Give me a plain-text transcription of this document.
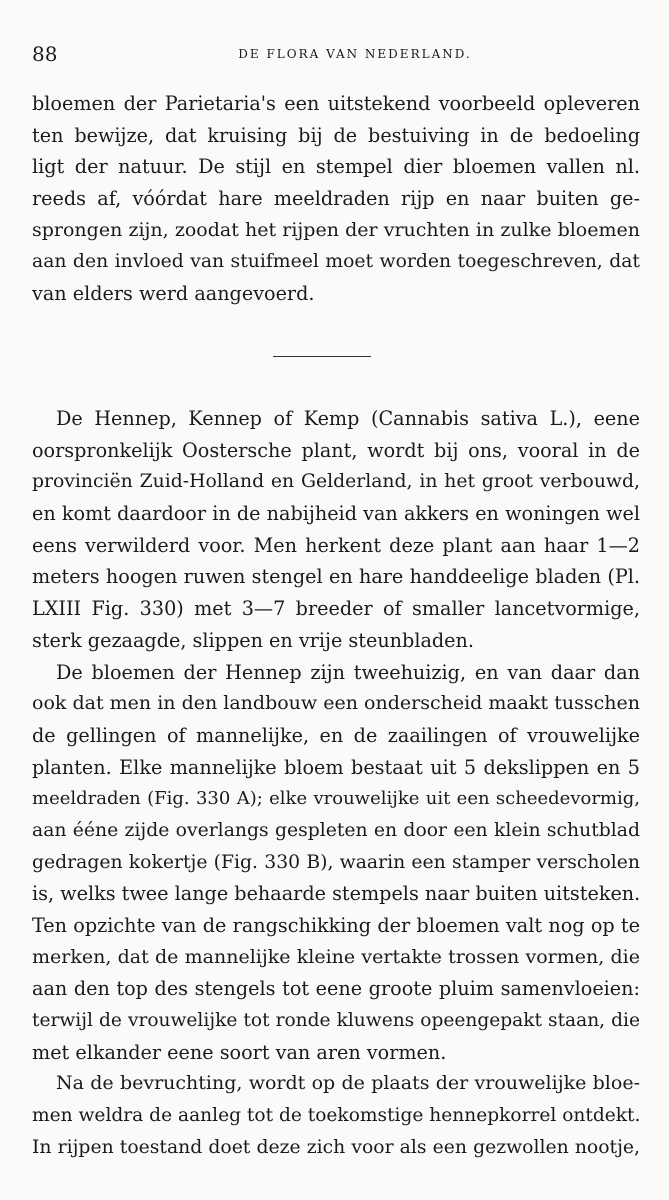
88	DE FLORA VAN NEDERLAND.
bloemen der Parietaria's een uitstekend voorbeeld opleveren
ten bewijze, dat kruising bij de bestuiving in de bedoeling
ligt der natuur. De stijl en stempel dier bloemen vallen nl.
reeds af, vóórdat hare meeldraden rijp en naar buiten ge-
sprongen zijn, zoodat het rijpen der vruchten in zulke bloemen
aan den invloed van stuifmeel moet worden toegeschreven, dat
van elders werd aangevoerd.
De Hennep, Kennep of Kemp (Cannabis sativa L.), eene
oorspronkelijk Oostersche plant, wordt bij ons, vooral in de
provinciën Zuid-Holland en Gelderland, in het groot verbouwd,
en komt daardoor in de nabijheid van akkers en woningen wel
eens verwilderd voor. Men herkent deze plant aan haar 1—2
meters hoogen ruwen stengel en hare handdeelige bladen (Pl.
LXIII Fig. 330) met 3—7 breeder of smaller lancetvormige,
sterk gezaagde, slippen en vrije steunbladen.
De bloemen der Hennep zijn tweehuizig, en van daar dan
ook dat men in den landbouw een onderscheid maakt tusschen
de gellingen of mannelijke, en de zaailingen of vrouwelijke
planten. Elke mannelijke bloem bestaat uit 5 dekslippen en 5
meeldraden (Fig. 330 A); elke vrouwelijke uit een scheedevormig,
aan ééne zijde overlangs gespleten en door een klein schutblad
gedragen kokertje (Fig. 330 B), waarin een stamper verscholen
is, welks twee lange behaarde stempels naar buiten uitsteken.
Ten opzichte van de rangschikking der bloemen valt nog op te
merken, dat de mannelijke kleine vertakte trossen vormen, die
aan den top des stengels tot eene groote pluim samenvloeien:
terwijl de vrouwelijke tot ronde kluwens opeengepakt staan, die
met elkander eene soort van aren vormen.
Na de bevruchting, wordt op de plaats der vrouwelijke bloe-
men weldra de aanleg tot de toekomstige hennepkorrel ontdekt.
In rijpen toestand doet deze zich voor als een gezwollen nootje,
